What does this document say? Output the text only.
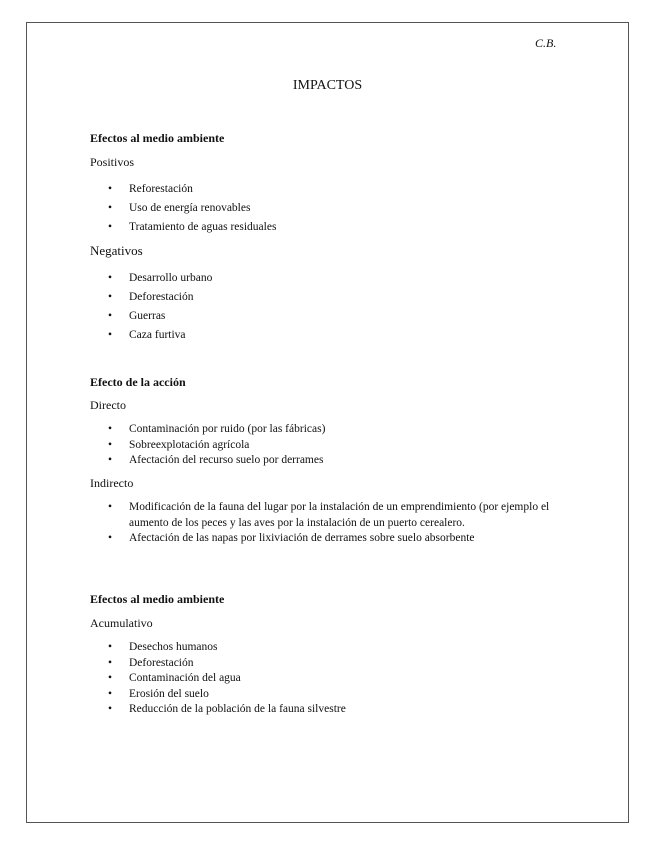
C.B.
IMPACTOS
Efectos al medio ambiente
Positivos
• Reforestación
• Uso de energía renovables
• Tratamiento de aguas residuales
Negativos
• Desarrollo urbano
• Deforestación
• Guerras
• Caza furtiva
Efecto de la acción
Directo
• Contaminación por ruido (por las fábricas)
• Sobreexplotación agrícola
• Afectación del recurso suelo por derrames
Indirecto
• Modificación de la fauna del lugar por la instalación de un emprendimiento (por ejemplo el aumento de los peces y las aves por la instalación de un puerto cerealero.
• Afectación de las napas por lixiviación de derrames sobre suelo absorbente
Efectos al medio ambiente
Acumulativo
• Desechos humanos
• Deforestación
• Contaminación del agua
• Erosión del suelo
• Reducción de la población de la fauna silvestre
